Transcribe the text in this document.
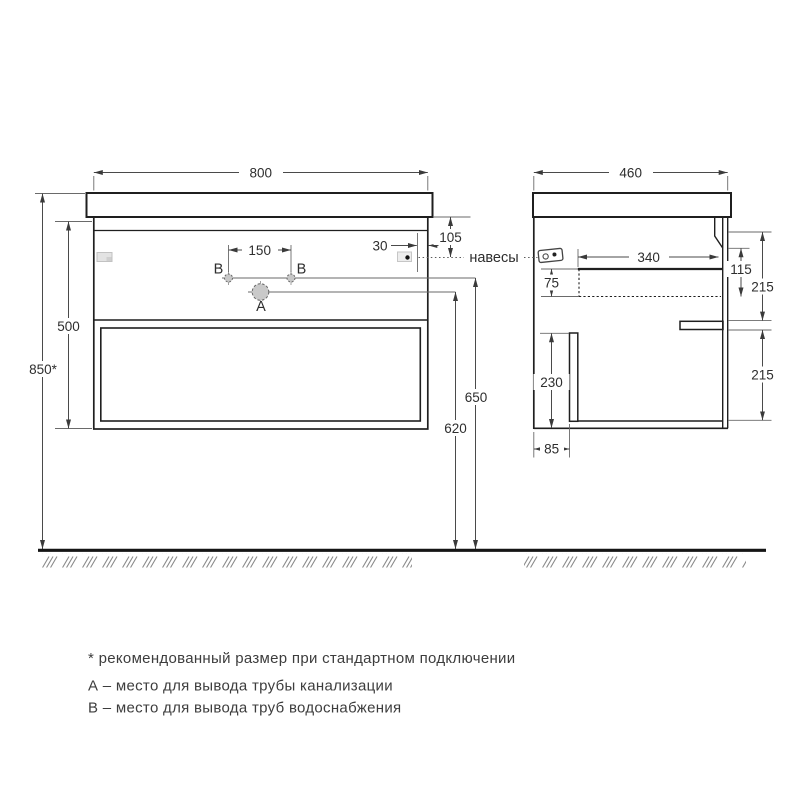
B	B
A
800
850*
500
150	30
105
650
620
460
340
75
115
215
215
230
85
навесы
* рекомендованный размер при стандартном подключении
А – место для вывода трубы канализации
В – место для вывода труб водоснабжения
